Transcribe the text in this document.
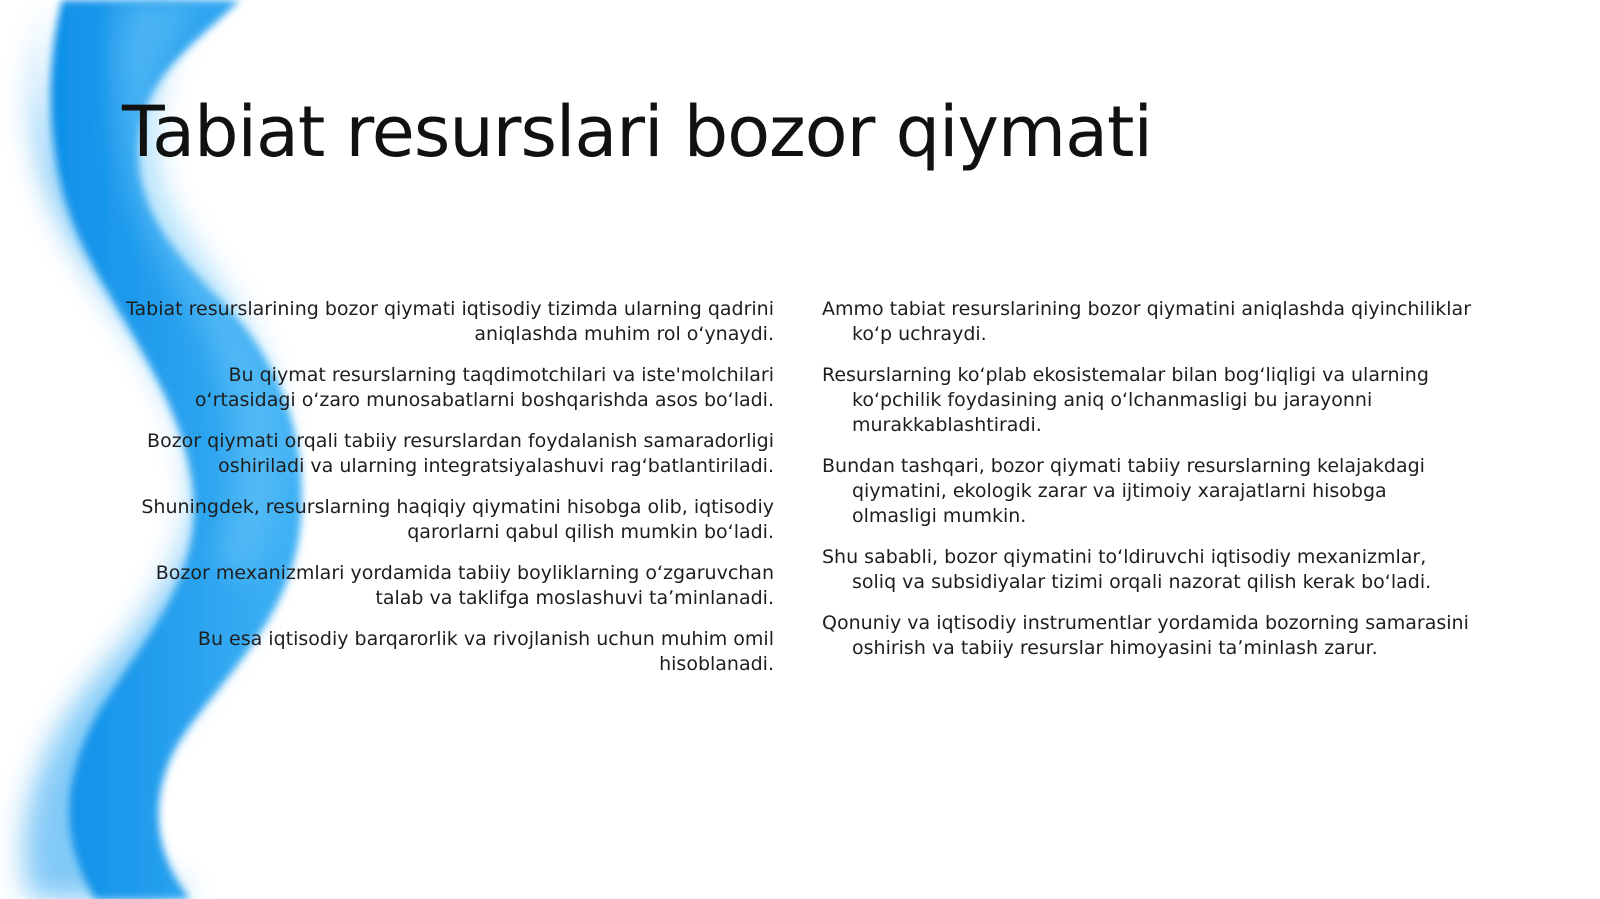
Tabiat resurslari bozor qiymati
Tabiat resurslarining bozor qiymati iqtisodiy tizimda ularning qadrini aniqlashda muhim rol oʻynaydi.
Bu qiymat resurslarning taqdimotchilari va iste'molchilari oʻrtasidagi oʻzaro munosabatlarni boshqarishda asos boʻladi.
Bozor qiymati orqali tabiiy resurslardan foydalanish samaradorligi oshiriladi va ularning integratsiyalashuvi ragʻbatlantiriladi.
Shuningdek, resurslarning haqiqiy qiymatini hisobga olib, iqtisodiy qarorlarni qabul qilish mumkin boʻladi.
Bozor mexanizmlari yordamida tabiiy boyliklarning oʻzgaruvchan talab va taklifga moslashuvi taʼminlanadi.
Bu esa iqtisodiy barqarorlik va rivojlanish uchun muhim omil hisoblanadi.
Ammo tabiat resurslarining bozor qiymatini aniqlashda qiyinchiliklar koʻp uchraydi.
Resurslarning koʻplab ekosistemalar bilan bogʻliqligi va ularning koʻpchilik foydasining aniq oʻlchanmasligi bu jarayonni murakkablashtiradi.
Bundan tashqari, bozor qiymati tabiiy resurslarning kelajakdagi qiymatini, ekologik zarar va ijtimoiy xarajatlarni hisobga olmasligi mumkin.
Shu sababli, bozor qiymatini toʻldiruvchi iqtisodiy mexanizmlar, soliq va subsidiyalar tizimi orqali nazorat qilish kerak boʻladi.
Qonuniy va iqtisodiy instrumentlar yordamida bozorning samarasini oshirish va tabiiy resurslar himoyasini taʼminlash zarur.
